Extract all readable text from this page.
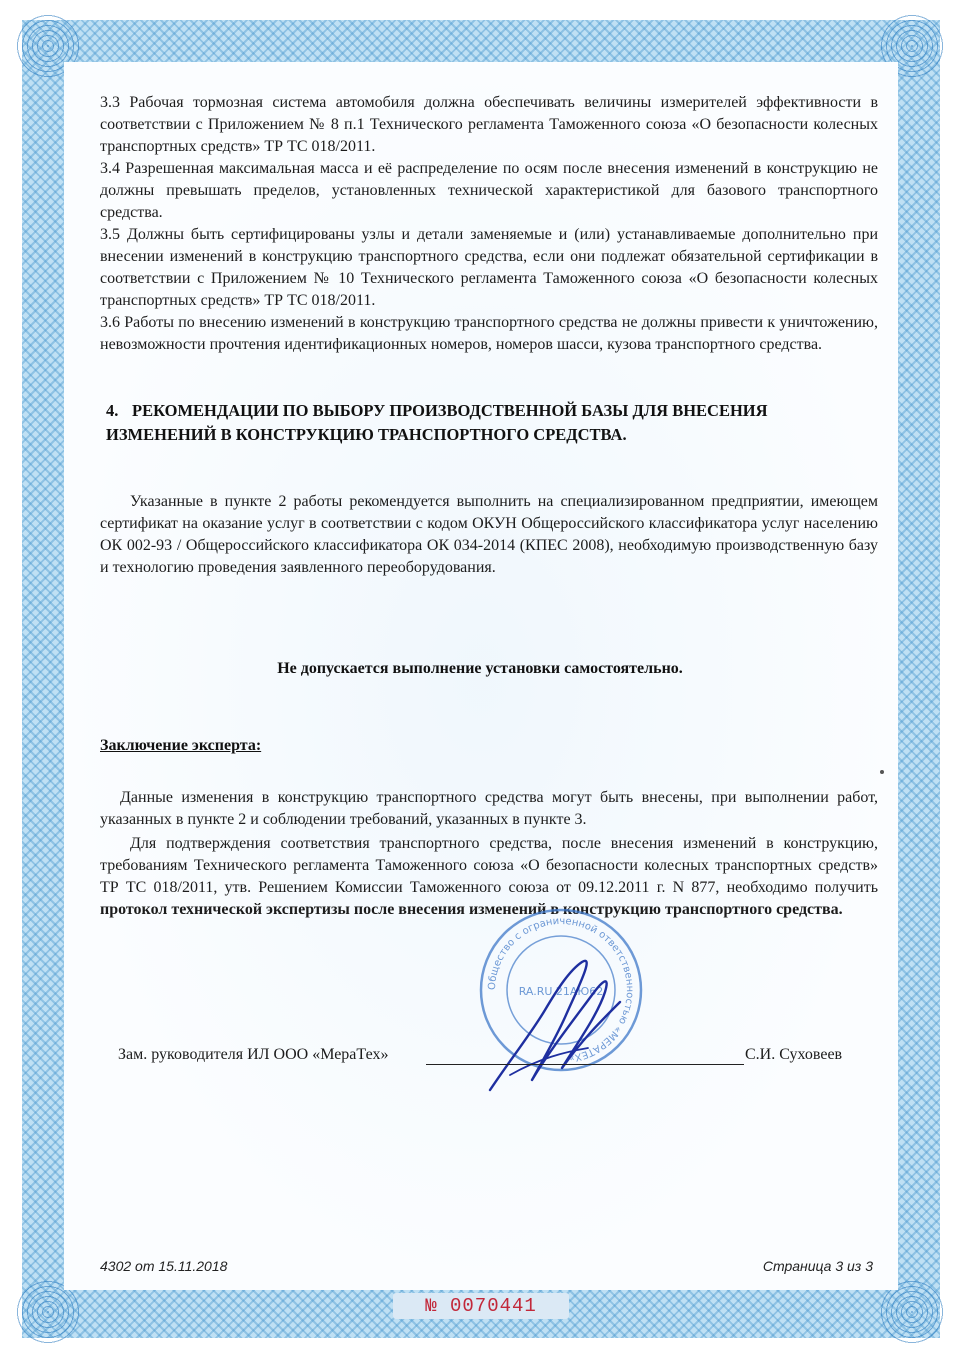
3.3 Рабочая тормозная система автомобиля должна обеспечивать величины измерителей эффективности в соответствии с Приложением № 8 п.1 Технического регламента Таможенного союза «О безопасности колесных транспортных средств» ТР ТС 018/2011.

3.4 Разрешенная максимальная масса и её распределение по осям после внесения изменений в конструкцию не должны превышать пределов, установленных технической характеристикой для базового транспортного средства.

3.5 Должны быть сертифицированы узлы и детали заменяемые и (или) устанавливаемые дополнительно при внесении изменений в конструкцию транспортного средства, если они подлежат обязательной сертификации в соответствии с Приложением № 10 Технического регламента Таможенного союза «О безопасности колесных транспортных средств» ТР ТС 018/2011.

3.6 Работы по внесению изменений в конструкцию транспортного средства не должны привести к уничтожению, невозможности прочтения идентификационных номеров, номеров шасси, кузова транспортного средства.

4. РЕКОМЕНДАЦИИ ПО ВЫБОРУ ПРОИЗВОДСТВЕННОЙ БАЗЫ ДЛЯ ВНЕСЕНИЯ ИЗМЕНЕНИЙ В КОНСТРУКЦИЮ ТРАНСПОРТНОГО СРЕДСТВА.

Указанные в пункте 2 работы рекомендуется выполнить на специализированном предприятии, имеющем сертификат на оказание услуг в соответствии с кодом ОКУН Общероссийского классификатора услуг населению ОК 002-93 / Общероссийского классификатора ОК 034-2014 (КПЕС 2008), необходимую производственную базу и технологию проведения заявленного переоборудования.

Не допускается выполнение установки самостоятельно.
Заключение эксперта:

Данные изменения в конструкцию транспортного средства могут быть внесены, при выполнении работ, указанных в пункте 2 и соблюдении требований, указанных в пункте 3.

Для подтверждения соответствия транспортного средства, после внесения изменений в конструкцию, требованиям Технического регламента Таможенного союза «О безопасности колесных транспортных средств» ТР ТС 018/2011, утв. Решением Комиссии Таможенного союза от 09.12.2011 г. N 877, необходимо получить протокол технической экспертизы после внесения изменений в конструкцию транспортного средства.

Общество с ограниченной ответственностью «МЕРАТЕХ»
RA.RU.21АЮ62
Зам. руководителя ИЛ ООО «МераТех»	С.И. Суховеев
4302 от 15.11.2018	Страница 3 из 3
№ 0070441
